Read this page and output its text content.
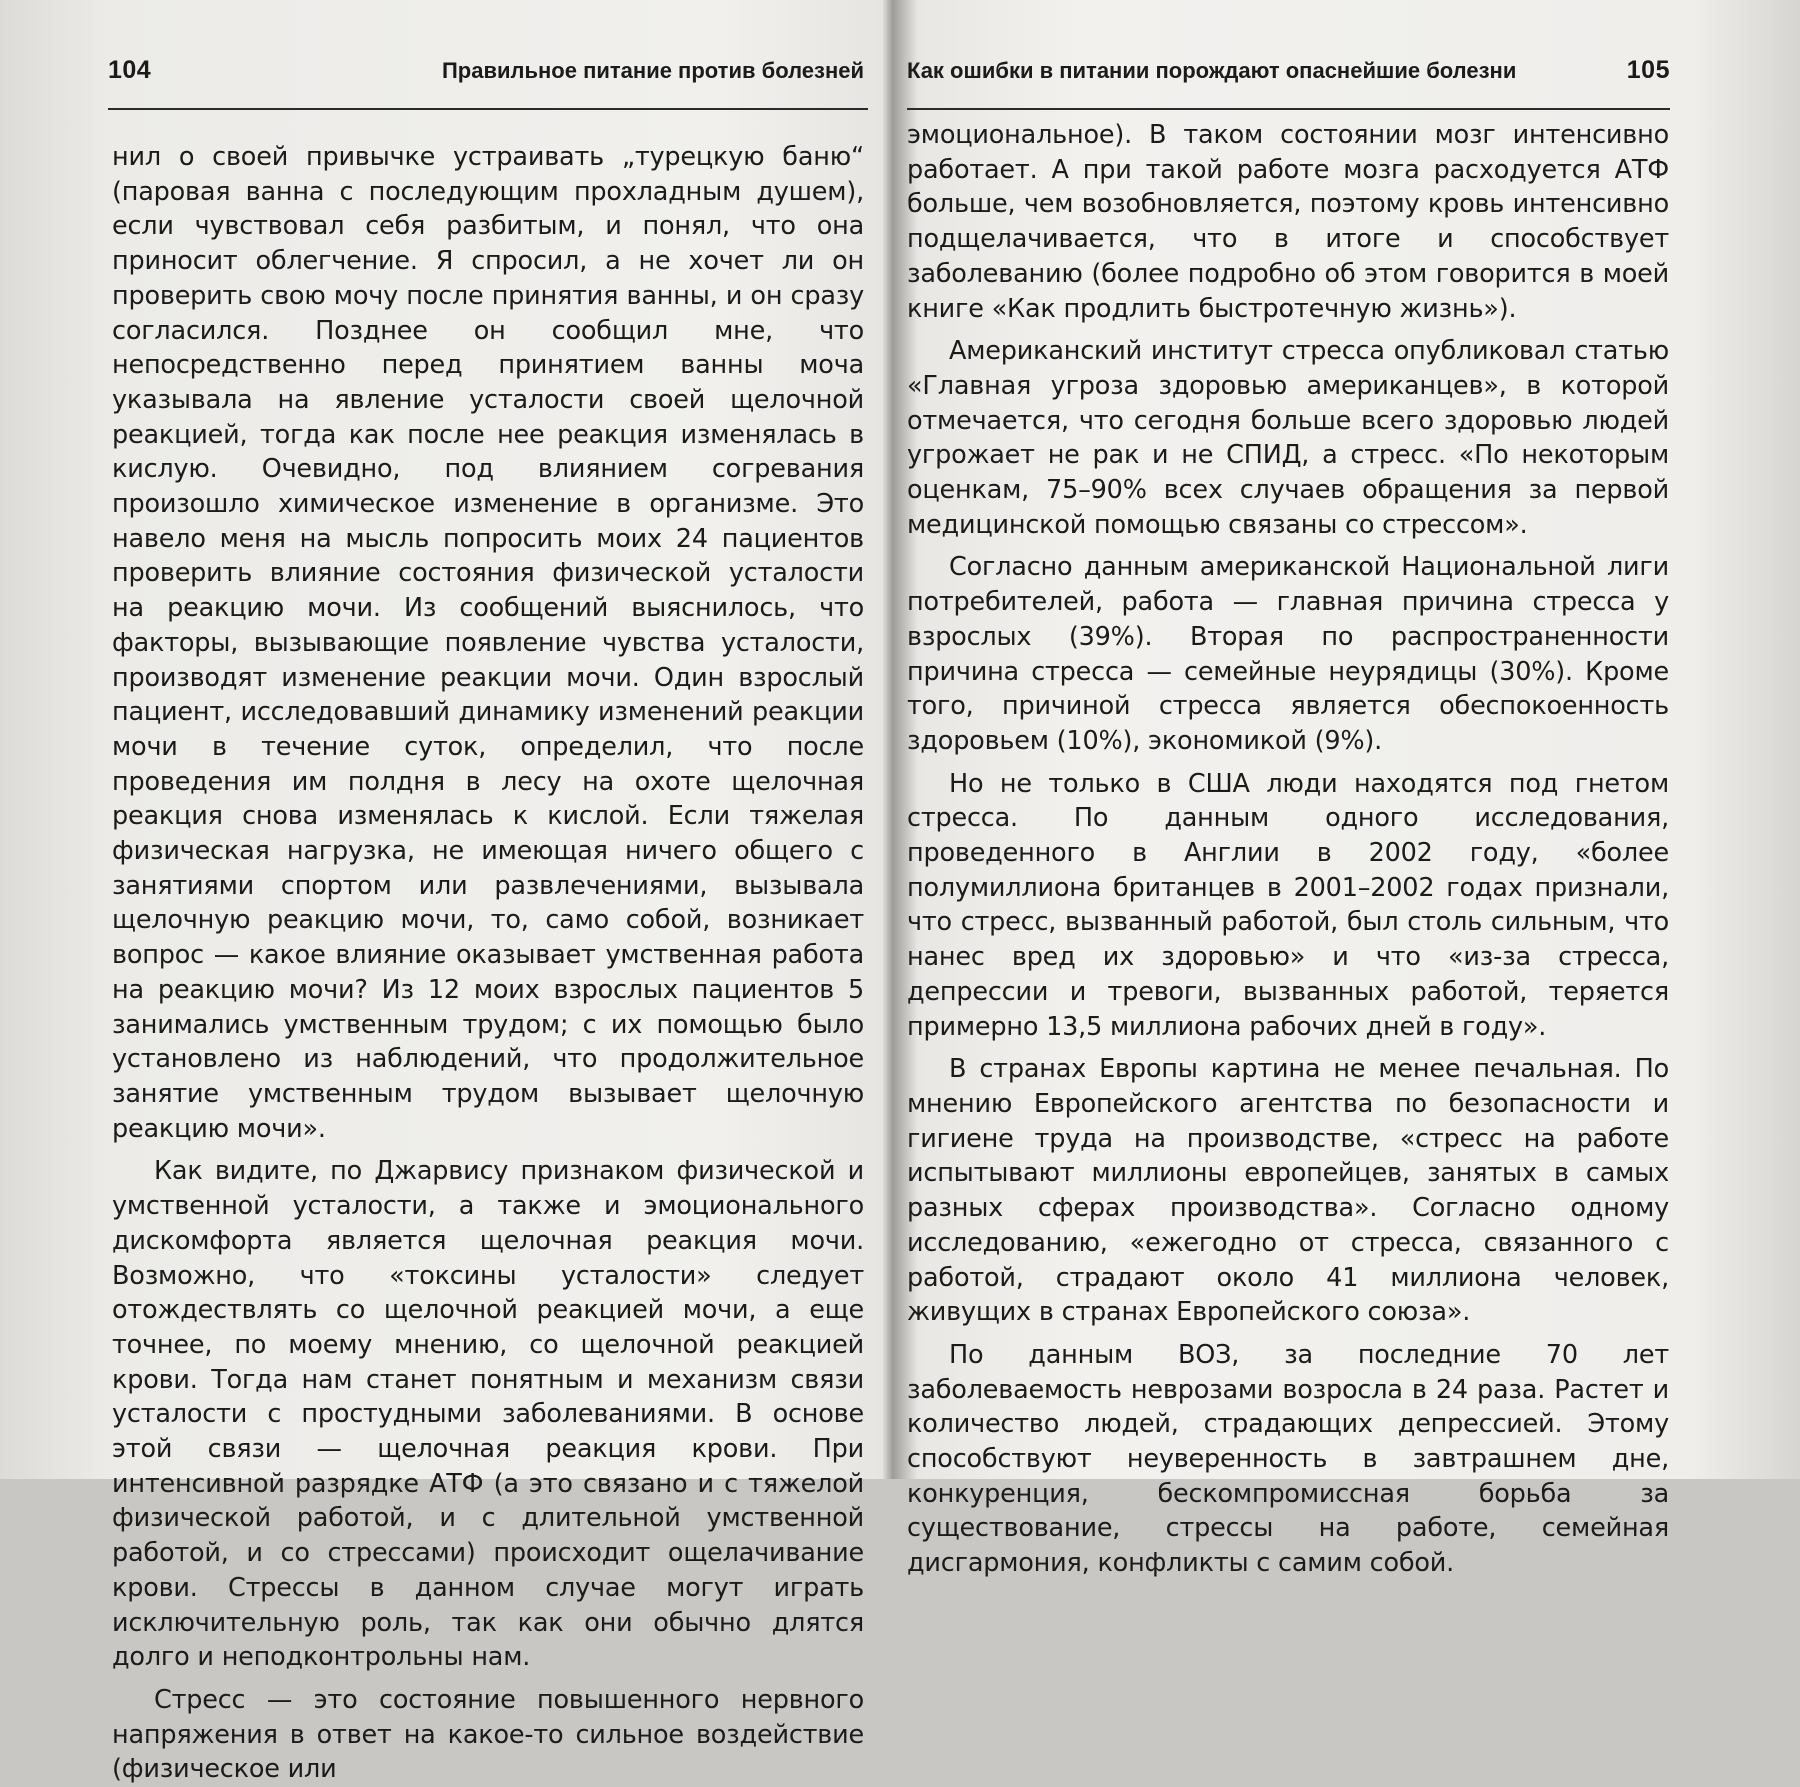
104	Правильное питание против болезней

нил о своей привычке устраивать „турецкую баню“ (паровая ванна с последующим прохладным душем), если чувствовал себя разбитым, и понял, что она приносит облегчение. Я спросил, а не хочет ли он проверить свою мочу после принятия ванны, и он сразу согласился. Позднее он сообщил мне, что непосредственно перед принятием ванны моча указывала на явление усталости своей щелочной реакцией, тогда как после нее реакция изменялась в кислую. Очевидно, под влиянием согревания произошло химическое изменение в организме. Это навело меня на мысль попросить моих 24 пациентов проверить влияние состояния физической усталости на реакцию мочи. Из сообщений выяснилось, что факторы, вызывающие появление чувства усталости, производят изменение реакции мочи. Один взрослый пациент, исследовавший динамику изменений реакции мочи в течение суток, определил, что после проведения им полдня в лесу на охоте щелочная реакция снова изменялась к кислой. Если тяжелая физическая нагрузка, не имеющая ничего общего с занятиями спортом или развлечениями, вызывала щелочную реакцию мочи, то, само собой, возникает вопрос — какое влияние оказывает умственная работа на реакцию мочи? Из 12 моих взрослых пациентов 5 занимались умственным трудом; с их помощью было установлено из наблюдений, что продолжительное занятие умственным трудом вызывает щелочную реакцию мочи».

Как видите, по Джарвису признаком физической и умственной усталости, а также и эмоционального дискомфорта является щелочная реакция мочи. Возможно, что «токсины усталости» следует отождествлять со щелочной реакцией мочи, а еще точнее, по моему мнению, со щелочной реакцией крови. Тогда нам станет понятным и механизм связи усталости с простудными заболеваниями. В основе этой связи — щелочная реакция крови. При интенсивной разрядке АТФ (а это связано и с тяжелой физической работой, и с длительной умственной работой, и со стрессами) происходит ощелачивание крови. Стрессы в данном случае могут играть исключительную роль, так как они обычно длятся долго и неподконтрольны нам.

Стресс — это состояние повышенного нервного напряжения в ответ на какое-то сильное воздействие (физическое или

Как ошибки в питании порождают опаснейшие болезни	105

эмоциональное). В таком состоянии мозг интенсивно работает. А при такой работе мозга расходуется АТФ больше, чем возобновляется, поэтому кровь интенсивно подщелачивается, что в итоге и способствует заболеванию (более подробно об этом говорится в моей книге «Как продлить быстротечную жизнь»).

Американский институт стресса опубликовал статью «Главная угроза здоровью американцев», в которой отмечается, что сегодня больше всего здоровью людей угрожает не рак и не СПИД, а стресс. «По некоторым оценкам, 75–90% всех случаев обращения за первой медицинской помощью связаны со стрессом».

Согласно данным американской Национальной лиги потребителей, работа — главная причина стресса у взрослых (39%). Вторая по распространенности причина стресса — семейные неурядицы (30%). Кроме того, причиной стресса является обеспокоенность здоровьем (10%), экономикой (9%).

Но не только в США люди находятся под гнетом стресса. По данным одного исследования, проведенного в Англии в 2002 году, «более полумиллиона британцев в 2001–2002 годах признали, что стресс, вызванный работой, был столь сильным, что нанес вред их здоровью» и что «из-за стресса, депрессии и тревоги, вызванных работой, теряется примерно 13,5 миллиона рабочих дней в году».

В странах Европы картина не менее печальная. По мнению Европейского агентства по безопасности и гигиене труда на производстве, «стресс на работе испытывают миллионы европейцев, занятых в самых разных сферах производства». Согласно одному исследованию, «ежегодно от стресса, связанного с работой, страдают около 41 миллиона человек, живущих в странах Европейского союза».

По данным ВОЗ, за последние 70 лет заболеваемость неврозами возросла в 24 раза. Растет и количество людей, страдающих депрессией. Этому способствуют неуверенность в завтрашнем дне, конкуренция, бескомпромиссная борьба за существование, стрессы на работе, семейная дисгармония, конфликты с самим собой.
